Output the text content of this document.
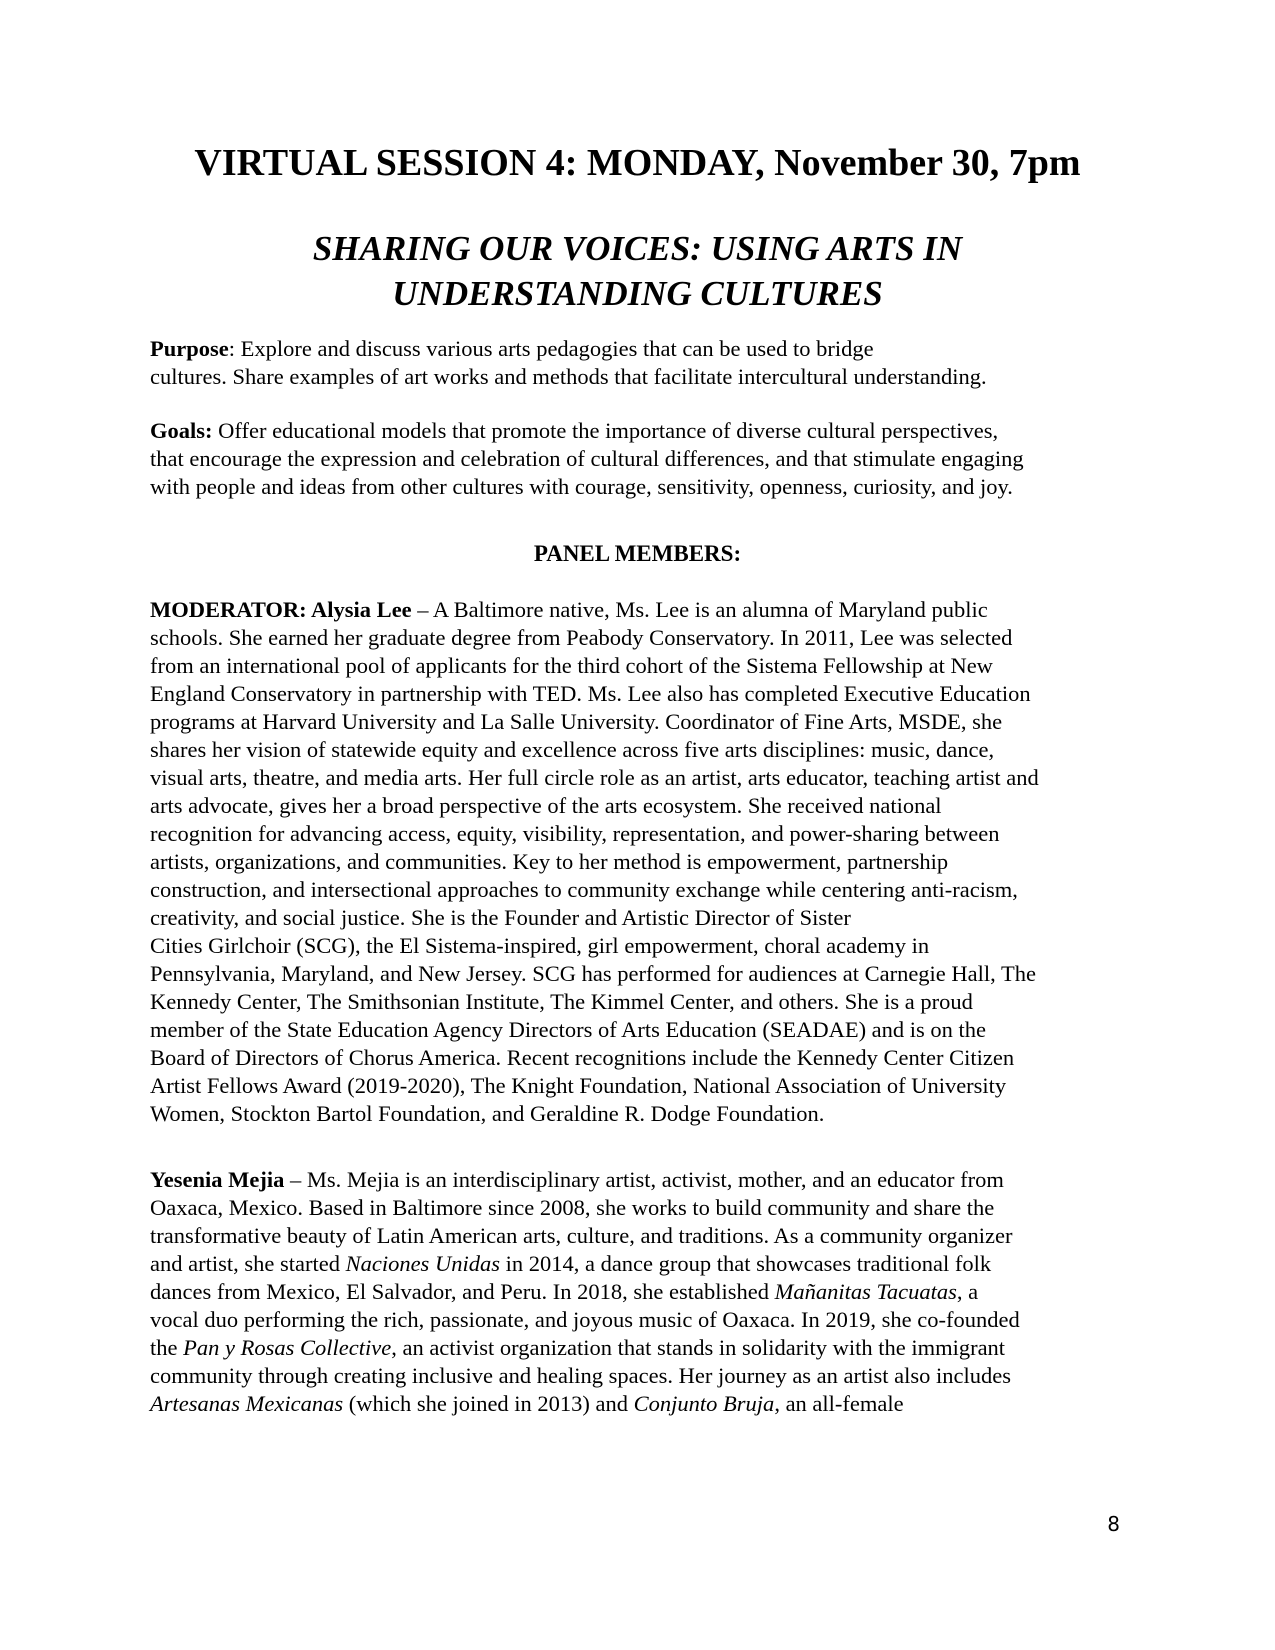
VIRTUAL SESSION 4: MONDAY, November 30, 7pm
SHARING OUR VOICES: USING ARTS IN
UNDERSTANDING CULTURES

Purpose: Explore and discuss various arts pedagogies that can be used to bridge
cultures. Share examples of art works and methods that facilitate intercultural understanding.

Goals: Offer educational models that promote the importance of diverse cultural perspectives,
that encourage the expression and celebration of cultural differences, and that stimulate engaging
with people and ideas from other cultures with courage, sensitivity, openness, curiosity, and joy.

PANEL MEMBERS:

MODERATOR: Alysia Lee – A Baltimore native, Ms. Lee is an alumna of Maryland public
schools. She earned her graduate degree from Peabody Conservatory. In 2011, Lee was selected
from an international pool of applicants for the third cohort of the Sistema Fellowship at New
England Conservatory in partnership with TED. Ms. Lee also has completed Executive Education
programs at Harvard University and La Salle University. Coordinator of Fine Arts, MSDE, she
shares her vision of statewide equity and excellence across five arts disciplines: music, dance,
visual arts, theatre, and media arts. Her full circle role as an artist, arts educator, teaching artist and
arts advocate, gives her a broad perspective of the arts ecosystem. She received national
recognition for advancing access, equity, visibility, representation, and power-sharing between
artists, organizations, and communities. Key to her method is empowerment, partnership
construction, and intersectional approaches to community exchange while centering anti-racism,
creativity, and social justice. She is the Founder and Artistic Director of Sister
Cities Girlchoir (SCG), the El Sistema-inspired, girl empowerment, choral academy in
Pennsylvania, Maryland, and New Jersey. SCG has performed for audiences at Carnegie Hall, The
Kennedy Center, The Smithsonian Institute, The Kimmel Center, and others. She is a proud
member of the State Education Agency Directors of Arts Education (SEADAE) and is on the
Board of Directors of Chorus America. Recent recognitions include the Kennedy Center Citizen
Artist Fellows Award (2019-2020), The Knight Foundation, National Association of University
Women, Stockton Bartol Foundation, and Geraldine R. Dodge Foundation.

Yesenia Mejia – Ms. Mejia is an interdisciplinary artist, activist, mother, and an educator from
Oaxaca, Mexico. Based in Baltimore since 2008, she works to build community and share the
transformative beauty of Latin American arts, culture, and traditions. As a community organizer
and artist, she started Naciones Unidas in 2014, a dance group that showcases traditional folk
dances from Mexico, El Salvador, and Peru. In 2018, she established Mañanitas Tacuatas, a
vocal duo performing the rich, passionate, and joyous music of Oaxaca. In 2019, she co-founded
the Pan y Rosas Collective, an activist organization that stands in solidarity with the immigrant
community through creating inclusive and healing spaces. Her journey as an artist also includes
Artesanas Mexicanas (which she joined in 2013) and Conjunto Bruja, an all-female

8
